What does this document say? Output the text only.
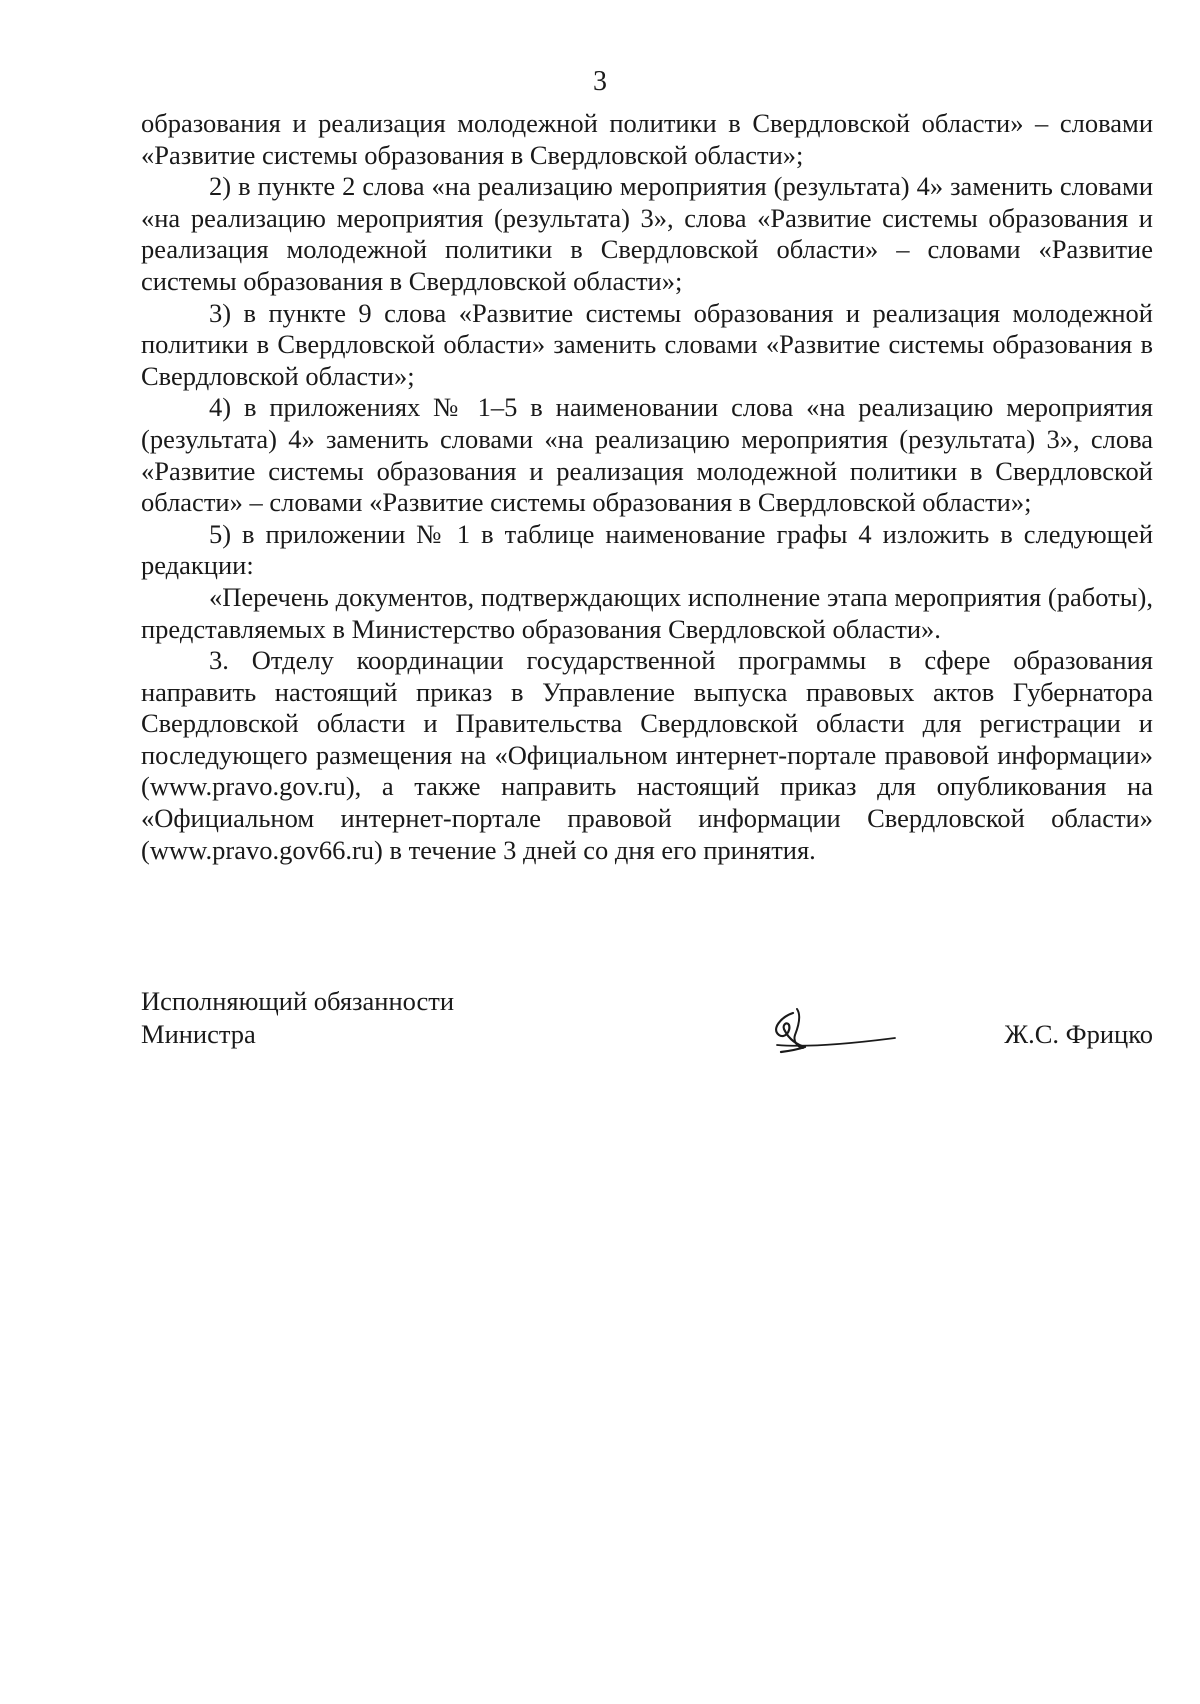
3

образования и реализация молодежной политики в Свердловской области» – словами «Развитие системы образования в Свердловской области»;

2) в пункте 2 слова «на реализацию мероприятия (результата) 4» заменить словами «на реализацию мероприятия (результата) 3», слова «Развитие системы образования и реализация молодежной политики в Свердловской области» – словами «Развитие системы образования в Свердловской области»;

3) в пункте 9 слова «Развитие системы образования и реализация молодежной политики в Свердловской области» заменить словами «Развитие системы образования в Свердловской области»;

4) в приложениях № 1–5 в наименовании слова «на реализацию мероприятия (результата) 4» заменить словами «на реализацию мероприятия (результата) 3», слова «Развитие системы образования и реализация молодежной политики в Свердловской области» – словами «Развитие системы образования в Свердловской области»;

5) в приложении № 1 в таблице наименование графы 4 изложить в следующей редакции:

«Перечень документов, подтверждающих исполнение этапа мероприятия (работы), представляемых в Министерство образования Свердловской области».

3. Отделу координации государственной программы в сфере образования направить настоящий приказ в Управление выпуска правовых актов Губернатора Свердловской области и Правительства Свердловской области для регистрации и последующего размещения на «Официальном интернет-портале правовой информации» (www.pravo.gov.ru), а также направить настоящий приказ для опубликования на «Официальном интернет-портале правовой информации Свердловской области» (www.pravo.gov66.ru) в течение 3 дней со дня его принятия.

Исполняющий обязанности
Министра	Ж.С. Фрицко
